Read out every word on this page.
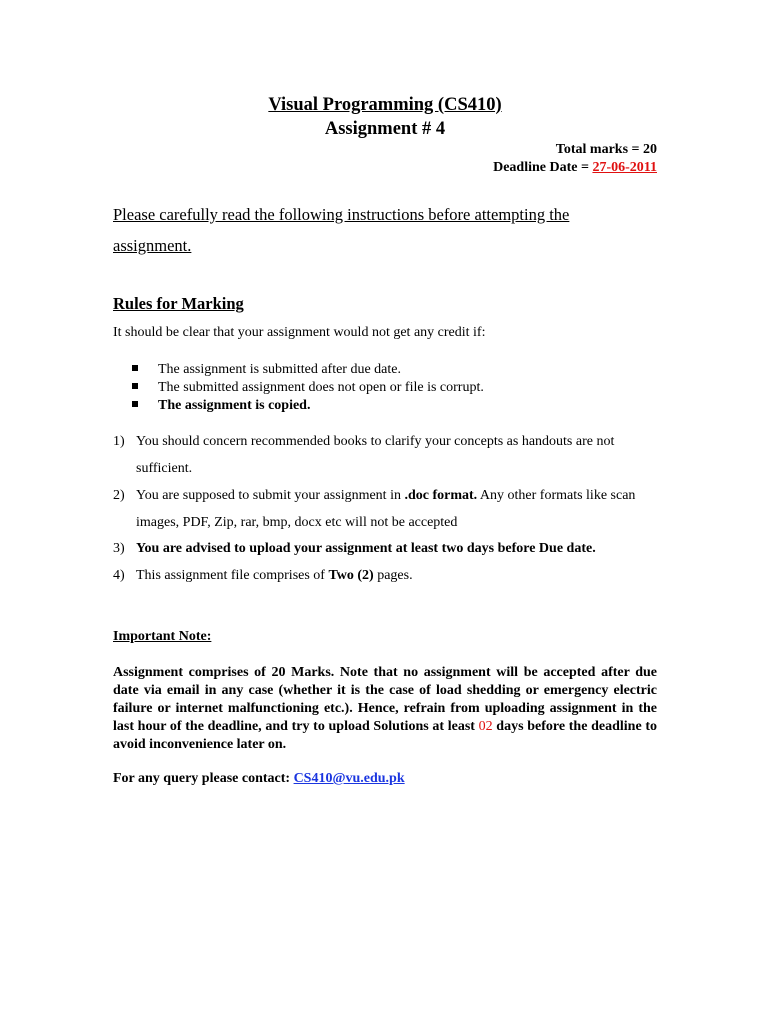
Visual Programming (CS410)
Assignment # 4
Total marks = 20
Deadline Date = 27-06-2011
Please carefully read the following instructions before attempting the assignment.
Rules for Marking
It should be clear that your assignment would not get any credit if:
The assignment is submitted after due date.
The submitted assignment does not open or file is corrupt.
The assignment is copied.
1) You should concern recommended books to clarify your concepts as handouts are not sufficient.
2) You are supposed to submit your assignment in .doc format. Any other formats like scan images, PDF, Zip, rar, bmp, docx etc will not be accepted
3) You are advised to upload your assignment at least two days before Due date.
4) This assignment file comprises of Two (2) pages.
Important Note:
Assignment comprises of 20 Marks. Note that no assignment will be accepted after due date via email in any case (whether it is the case of load shedding or emergency electric failure or internet malfunctioning etc.). Hence, refrain from uploading assignment in the last hour of the deadline, and try to upload Solutions at least 02 days before the deadline to avoid inconvenience later on.
For any query please contact: CS410@vu.edu.pk
